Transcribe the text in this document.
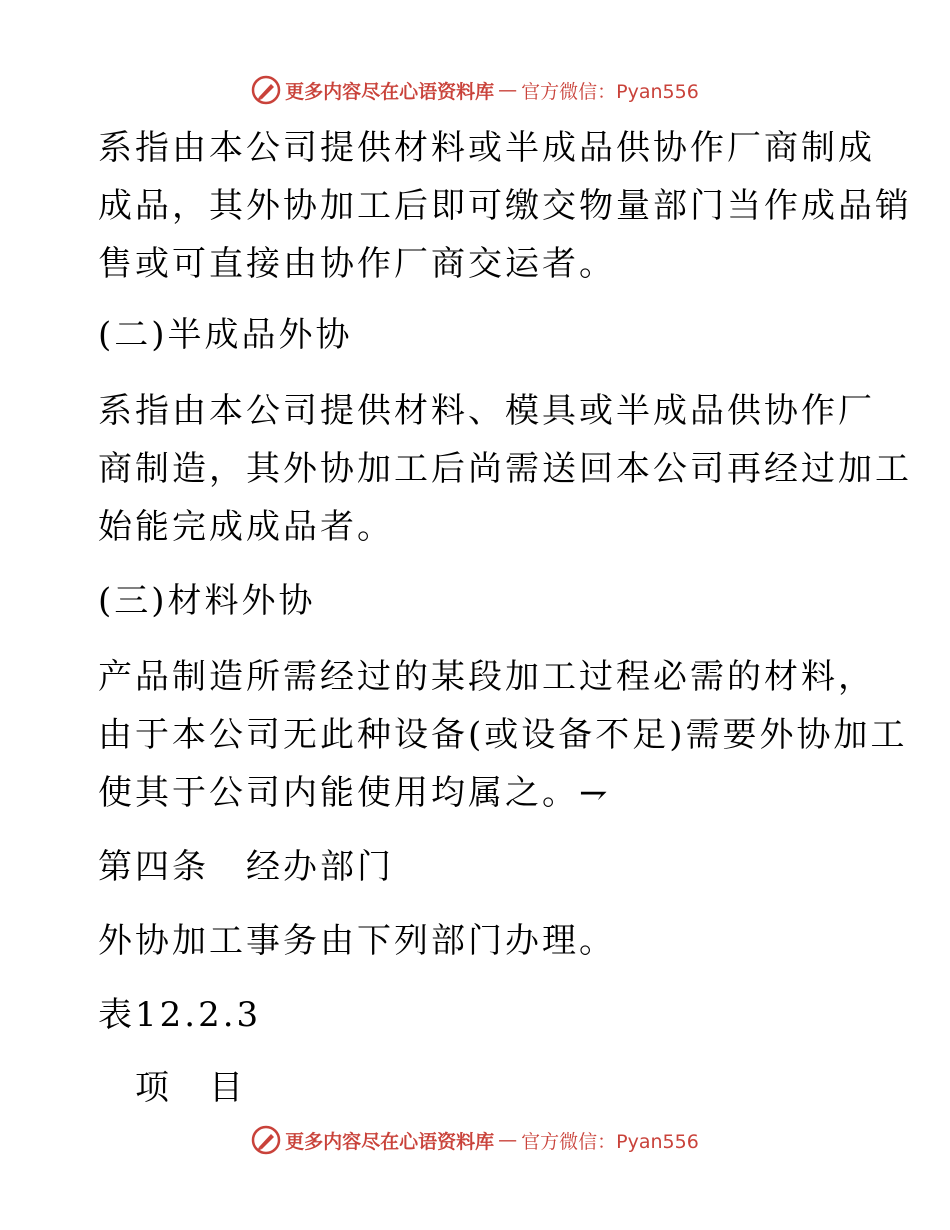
更多内容尽在心语资料库 — 官方微信：Pyan556
系指由本公司提供材料或半成品供协作厂商制成
成品，其外协加工后即可缴交物量部门当作成品销
售或可直接由协作厂商交运者。
(二)半成品外协
系指由本公司提供材料、模具或半成品供协作厂
商制造，其外协加工后尚需送回本公司再经过加工
始能完成成品者。
(三)材料外协
产品制造所需经过的某段加工过程必需的材料，
由于本公司无此种设备(或设备不足)需要外协加工
使其于公司内能使用均属之。⇁
第四条　经办部门
外协加工事务由下列部门办理。
表12.2.3
　项　目
更多内容尽在心语资料库 — 官方微信：Pyan556
